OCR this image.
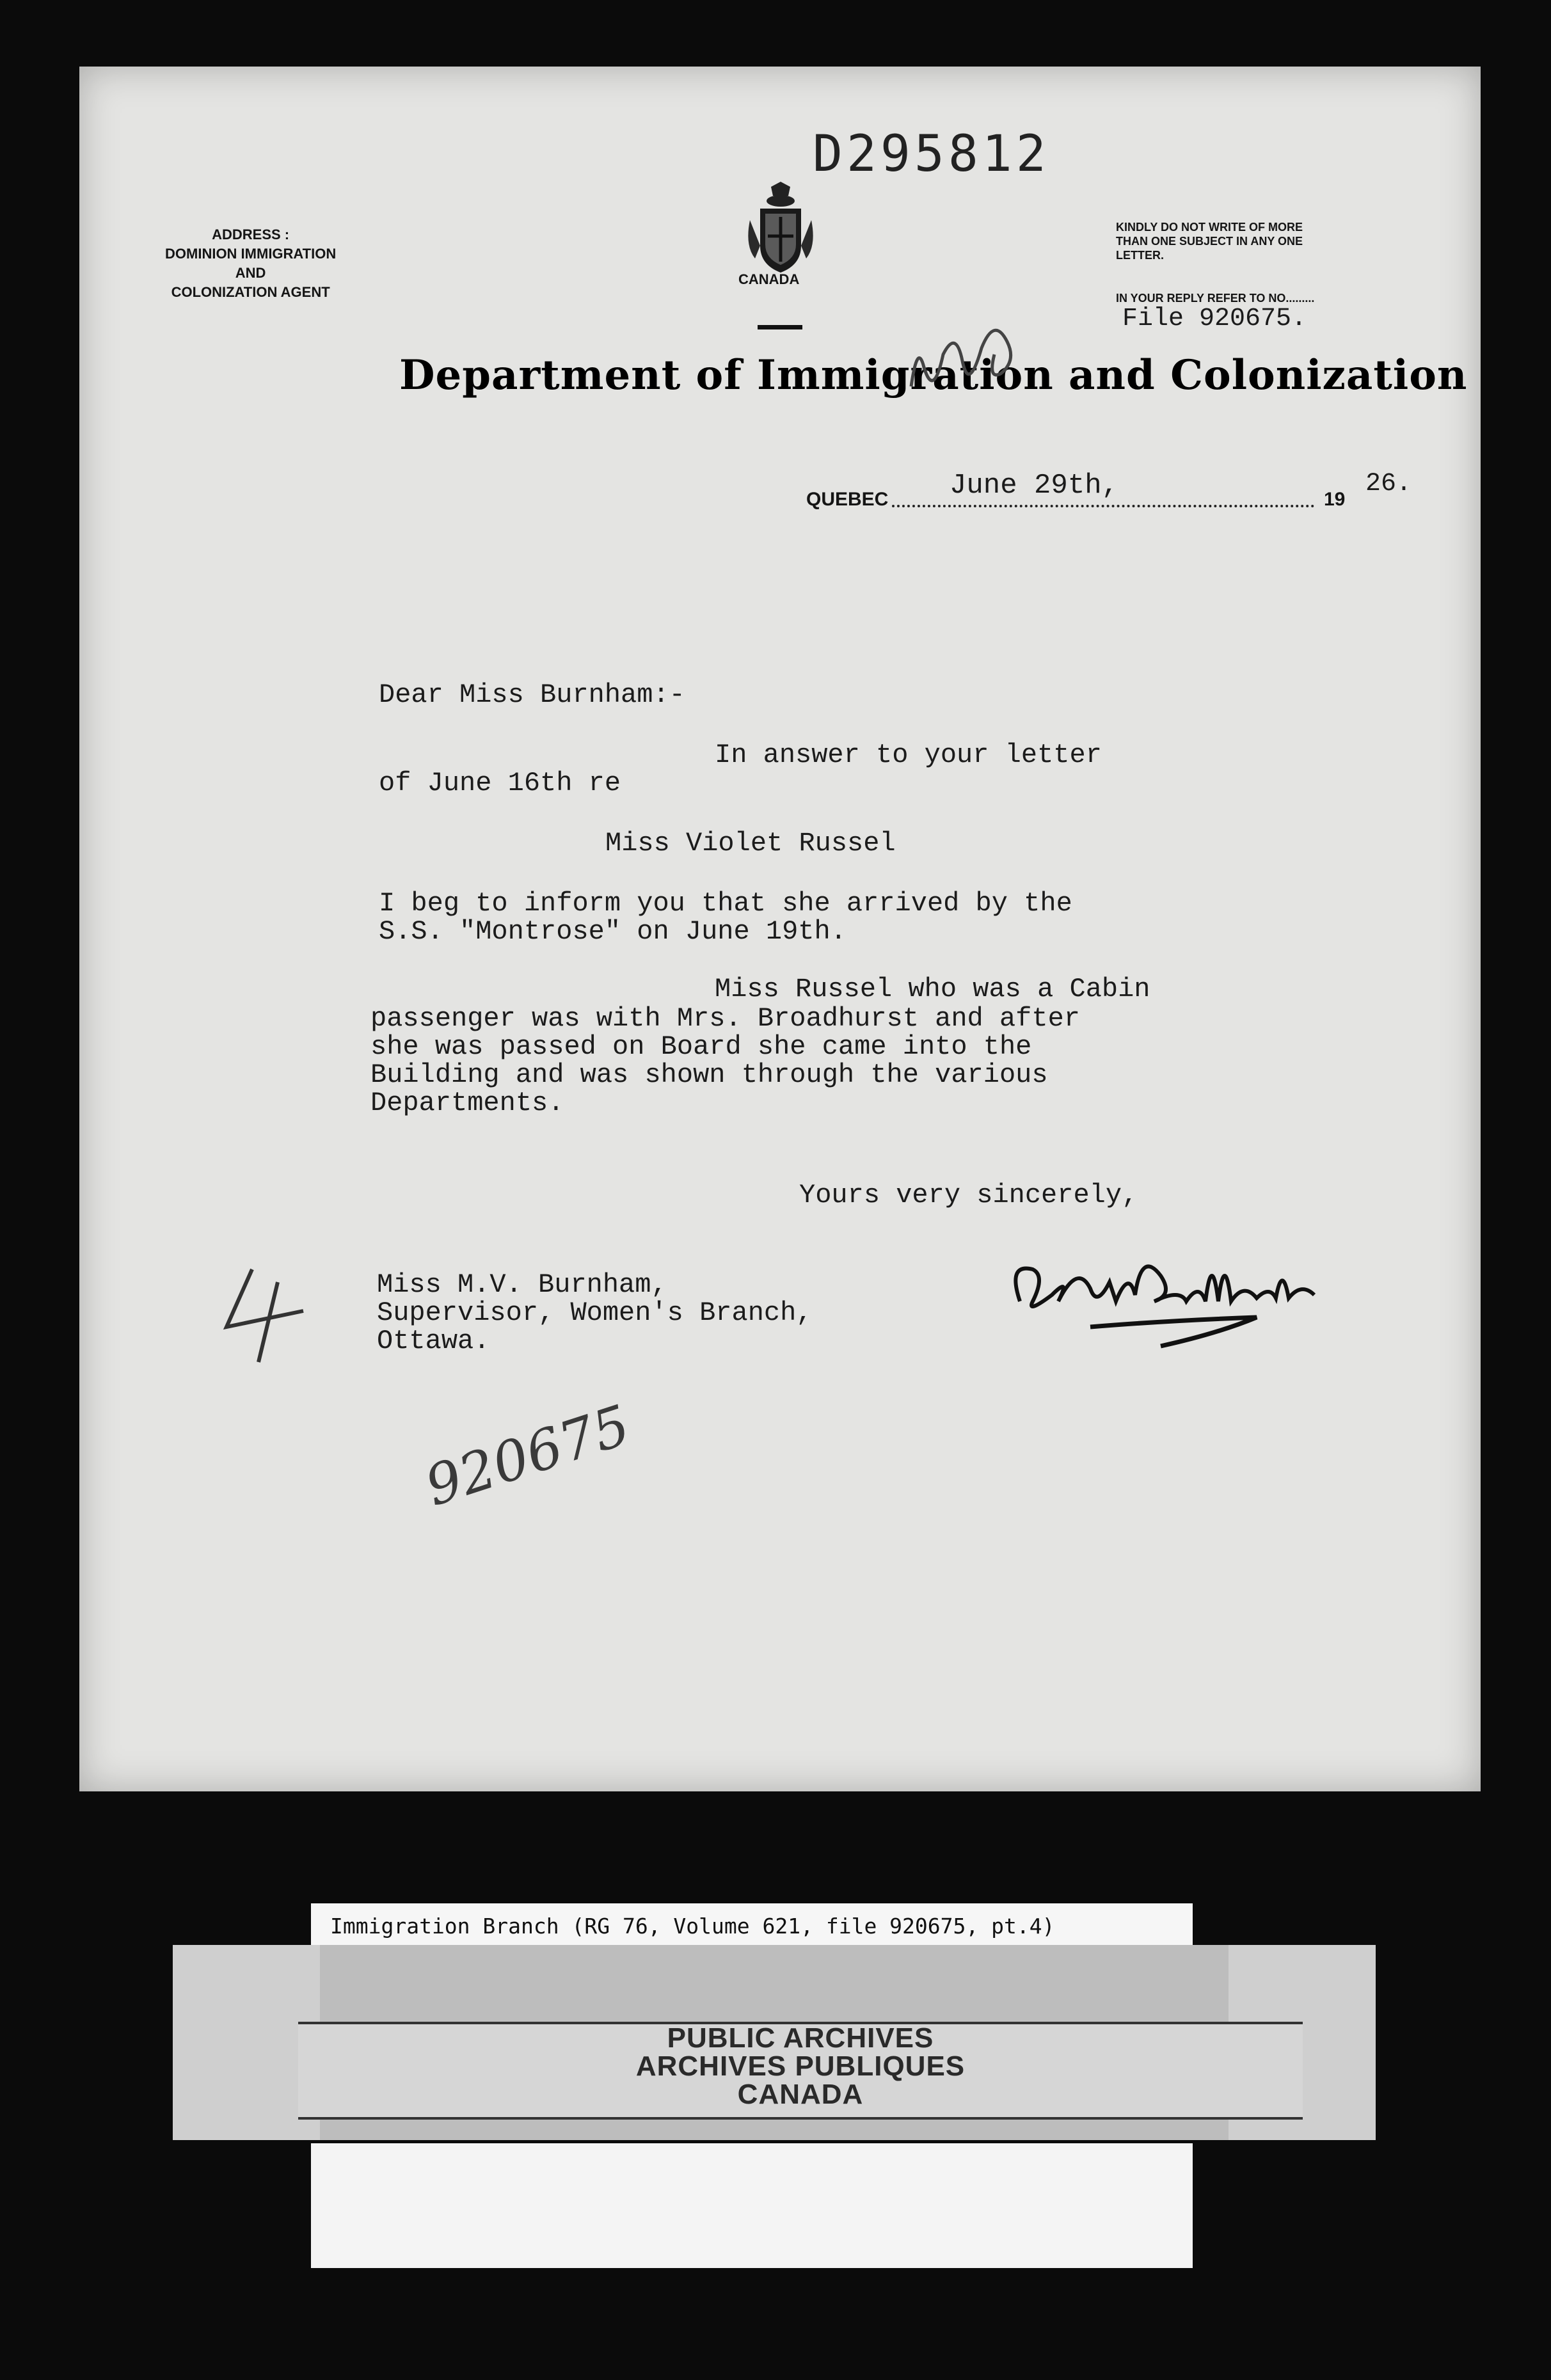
D295812
ADDRESS :
DOMINION IMMIGRATION
AND
COLONIZATION AGENT
CANADA
KINDLY DO NOT WRITE OF MORE
THAN ONE SUBJECT IN ANY ONE
LETTER.
IN YOUR REPLY REFER TO NO.........
File 920675.
Department of Immigration and Colonization
QUEBEC June 29th,	19
26.
Dear Miss Burnham:-
In answer to your letter
of June 16th re
Miss Violet Russel
I beg to inform you that she arrived by the
S.S. "Montrose" on June 19th.
Miss Russel who was a Cabin
passenger was with Mrs. Broadhurst and after
she was passed on Board she came into the
Building and was shown through the various
Departments.
Yours very sincerely,
Miss M.V. Burnham,
Supervisor, Women's Branch,
Ottawa.
920675
Immigration Branch (RG 76, Volume 621, file 920675, pt.4)
PUBLIC ARCHIVES
ARCHIVES PUBLIQUES
CANADA
